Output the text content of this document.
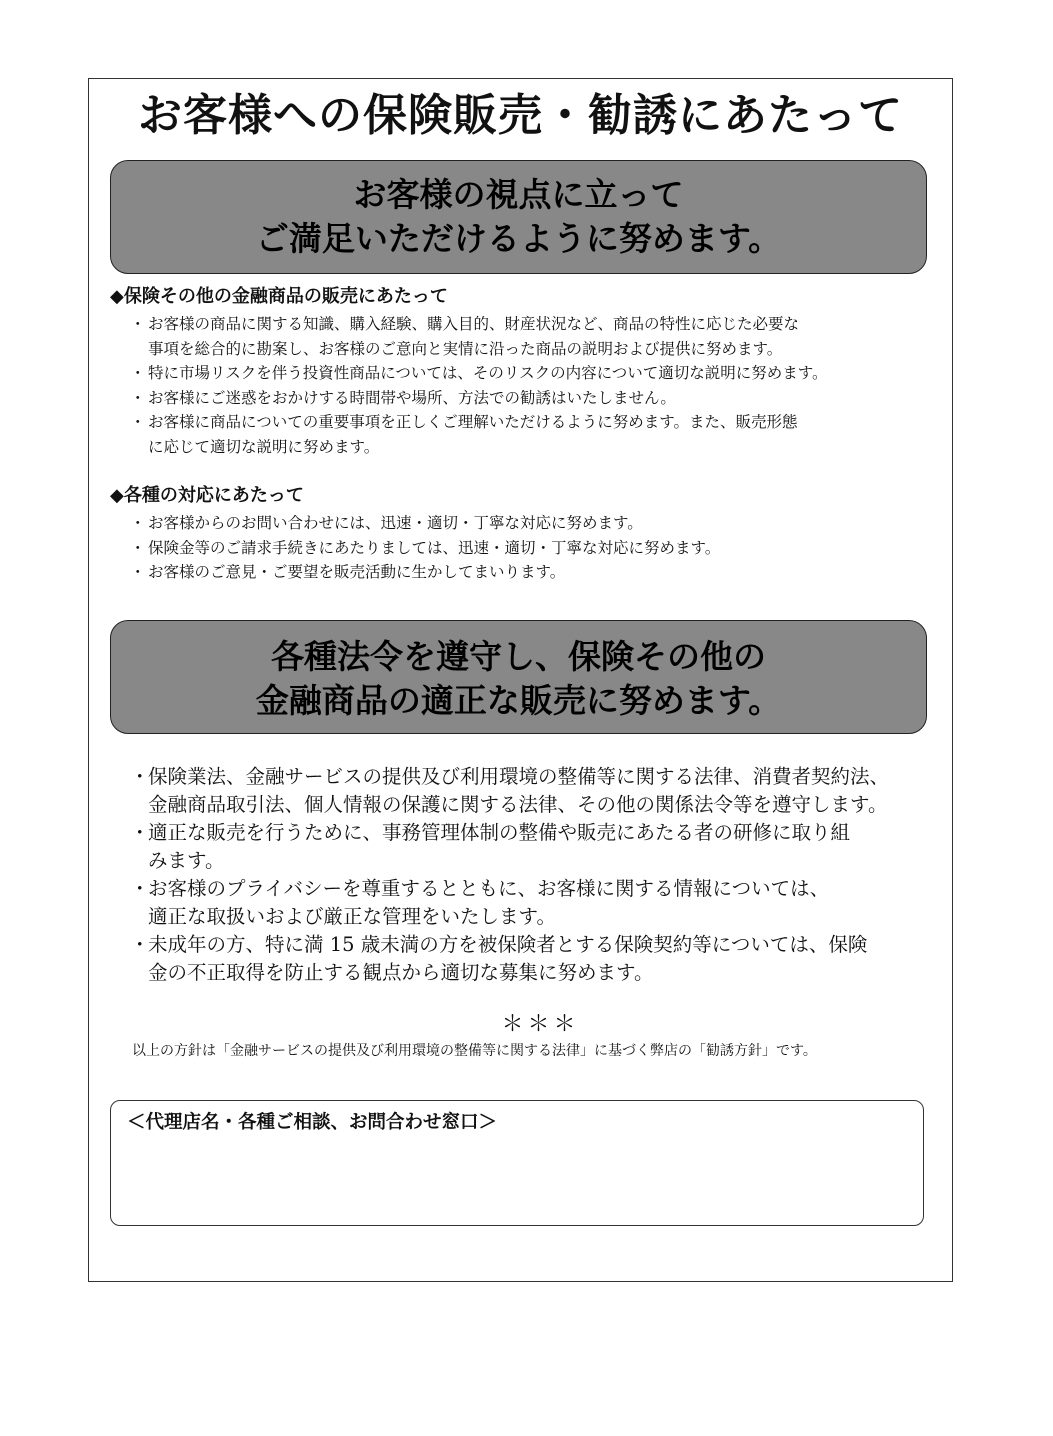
お客様への保険販売・勧誘にあたって
お客様の視点に立って
ご満足いただけるように努めます。
◆保険その他の金融商品の販売にあたって
・ お客様の商品に関する知識、購入経験、購入目的、財産状況など、商品の特性に応じた必要な
事項を総合的に勘案し、お客様のご意向と実情に沿った商品の説明および提供に努めます。
・ 特に市場リスクを伴う投資性商品については、そのリスクの内容について適切な説明に努めます。
・ お客様にご迷惑をおかけする時間帯や場所、方法での勧誘はいたしません。
・ お客様に商品についての重要事項を正しくご理解いただけるように努めます。また、販売形態
に応じて適切な説明に努めます。
◆各種の対応にあたって
・ お客様からのお問い合わせには、迅速・適切・丁寧な対応に努めます。
・ 保険金等のご請求手続きにあたりましては、迅速・適切・丁寧な対応に努めます。
・ お客様のご意見・ご要望を販売活動に生かしてまいります。
各種法令を遵守し、保険その他の
金融商品の適正な販売に努めます。
・
保険業法、金融サービスの提供及び利用環境の整備等に関する法律、消費者契約法、
金融商品取引法、個人情報の保護に関する法律、その他の関係法令等を遵守します。
・
適正な販売を行うために、事務管理体制の整備や販売にあたる者の研修に取り組
みます。
・
お客様のプライバシーを尊重するとともに、お客様に関する情報については、
適正な取扱いおよび厳正な管理をいたします。
・
未成年の方、特に満 15 歳未満の方を被保険者とする保険契約等については、保険
金の不正取得を防止する観点から適切な募集に努めます。
＊＊＊

以上の方針は「金融サービスの提供及び利用環境の整備等に関する法律」に基づく弊店の「勧誘方針」です。

＜代理店名・各種ご相談、お問合わせ窓口＞
